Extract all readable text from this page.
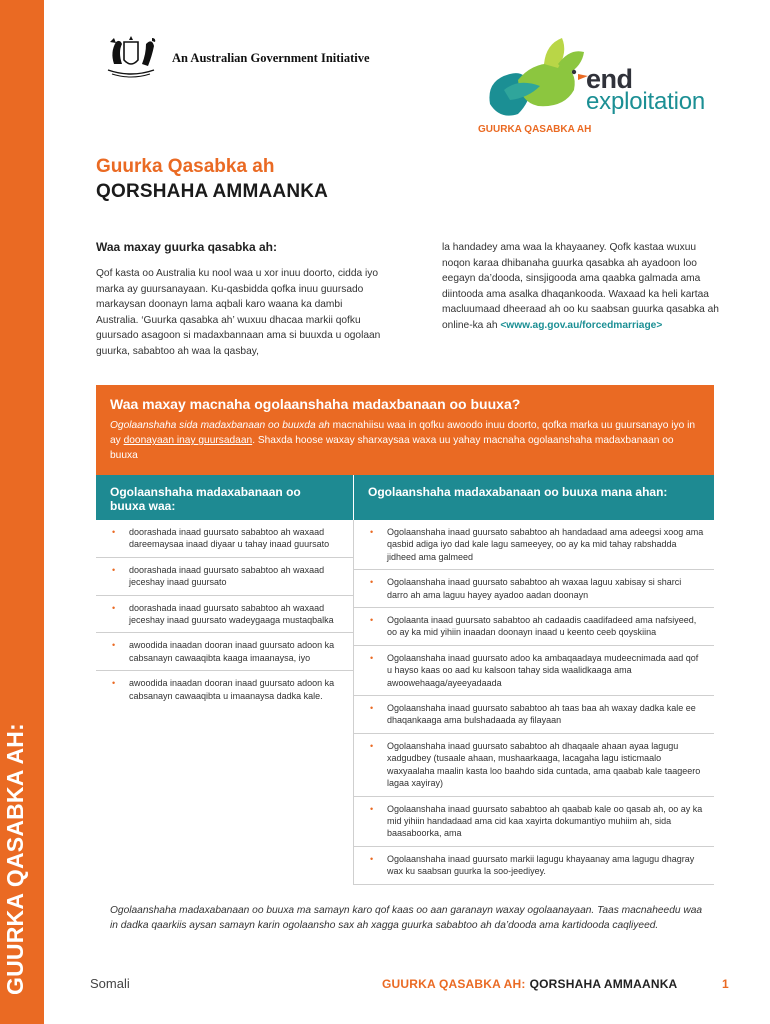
GUURKA QASABKA AH:
An Australian Government Initiative
end
exploitation
GUURKA QASABKA AH
Guurka Qasabka ah
QORSHAHA AMMAANKA
Waa maxay guurka qasabka ah:
Qof kasta oo Australia ku nool waa u xor inuu doorto, cidda iyo marka ay guursanayaan. Ku-qasbidda qofka inuu guursado markaysan doonayn lama aqbali karo waana ka dambi Australia. ‘Guurka qasabka ah’ wuxuu dhacaa markii qofku guursado asagoon si madaxbannaan ama si buuxda u ogolaan guurka, sababtoo ah waa la qasbay,
la handadey ama waa la khayaaney. Qofk kastaa wuxuu noqon karaa dhibanaha guurka qasabka ah ayadoon loo eegayn da’dooda, sinsjigooda ama qaabka galmada ama diintooda ama asalka dhaqankooda. Waxaad ka heli kartaa macluumaad dheeraad ah oo ku saabsan guurka qasabka ah online-ka ah <www.ag.gov.au/forcedmarriage>
Waa maxay macnaha ogolaanshaha madaxbanaan oo buuxa?
Ogolaanshaha sida madaxbanaan oo buuxda ah macnahiisu waa in qofku awoodo inuu doorto, qofka marka uu guursanayo iyo in ay doonayaan inay guursadaan. Shaxda hoose waxay sharxaysaa waxa uu yahay macnaha ogolaanshaha madaxbanaan oo buuxa
Ogolaanshaha madaxabanaan oo buuxa waa:
Ogolaanshaha madaxabanaan oo buuxa mana ahan:
• doorashada inaad guursato sababtoo ah waxaad dareemaysaa inaad diyaar u tahay inaad guursato
• doorashada inaad guursato sababtoo ah waxaad jeceshay inaad guursato
• doorashada inaad guursato sababtoo ah waxaad jeceshay inaad guursato wadeygaaga mustaqbalka
• awoodida inaadan dooran inaad guursato adoon ka cabsanayn cawaaqibta kaaga imaanaysa, iyo
• awoodida inaadan dooran inaad guursato adoon ka cabsanayn cawaaqibta u imaanaysa dadka kale.
• Ogolaanshaha inaad guursato sababtoo ah handadaad ama adeegsi xoog ama qasbid adiga iyo dad kale lagu sameeyey, oo ay ka mid tahay rabshadda jidheed ama galmeed
• Ogolaanshaha inaad guursato sababtoo ah waxaa laguu xabisay si sharci darro ah ama laguu hayey ayadoo aadan doonayn
• Ogolaanta inaad guursato sababtoo ah cadaadis caadifadeed ama nafsiyeed, oo ay ka mid yihiin inaadan doonayn inaad u keento ceeb qoyskiina
• Ogolaanshaha inaad guursato adoo ka ambaqaadaya mudeecnimada aad qof u hayso kaas oo aad ku kalsoon tahay sida waalidkaaga ama awoowehaaga/ayeeyadaada
• Ogolaanshaha inaad guursato sababtoo ah taas baa ah waxay dadka kale ee dhaqankaaga ama bulshadaada ay filayaan
• Ogolaanshaha inaad guursato sababtoo ah dhaqaale ahaan ayaa lagugu xadgudbey (tusaale ahaan, mushaarkaaga, lacagaha lagu isticmaalo waxyaalaha maalin kasta loo baahdo sida cuntada, ama qaabab kale taageero lagaa xayiray)
• Ogolaanshaha inaad guursato sababtoo ah qaabab kale oo qasab ah, oo ay ka mid yihiin handadaad ama cid kaa xayirta dokumantiyo muhiim ah, sida baasaboorka, ama
• Ogolaanshaha inaad guursato markii lagugu khayaanay ama lagugu dhagray wax ku saabsan guurka la soo-jeediyey.
Ogolaanshaha madaxabanaan oo buuxa ma samayn karo qof kaas oo aan garanayn waxay ogolaanayaan. Taas macnaheedu waa in dadka qaarkiis aysan samayn karin ogolaansho sax ah xagga guurka sababtoo ah da’dooda ama kartidooda caqliyeed.
Somali	GUURKA QASABKA AH: QORSHAHA AMMAANKA	1
